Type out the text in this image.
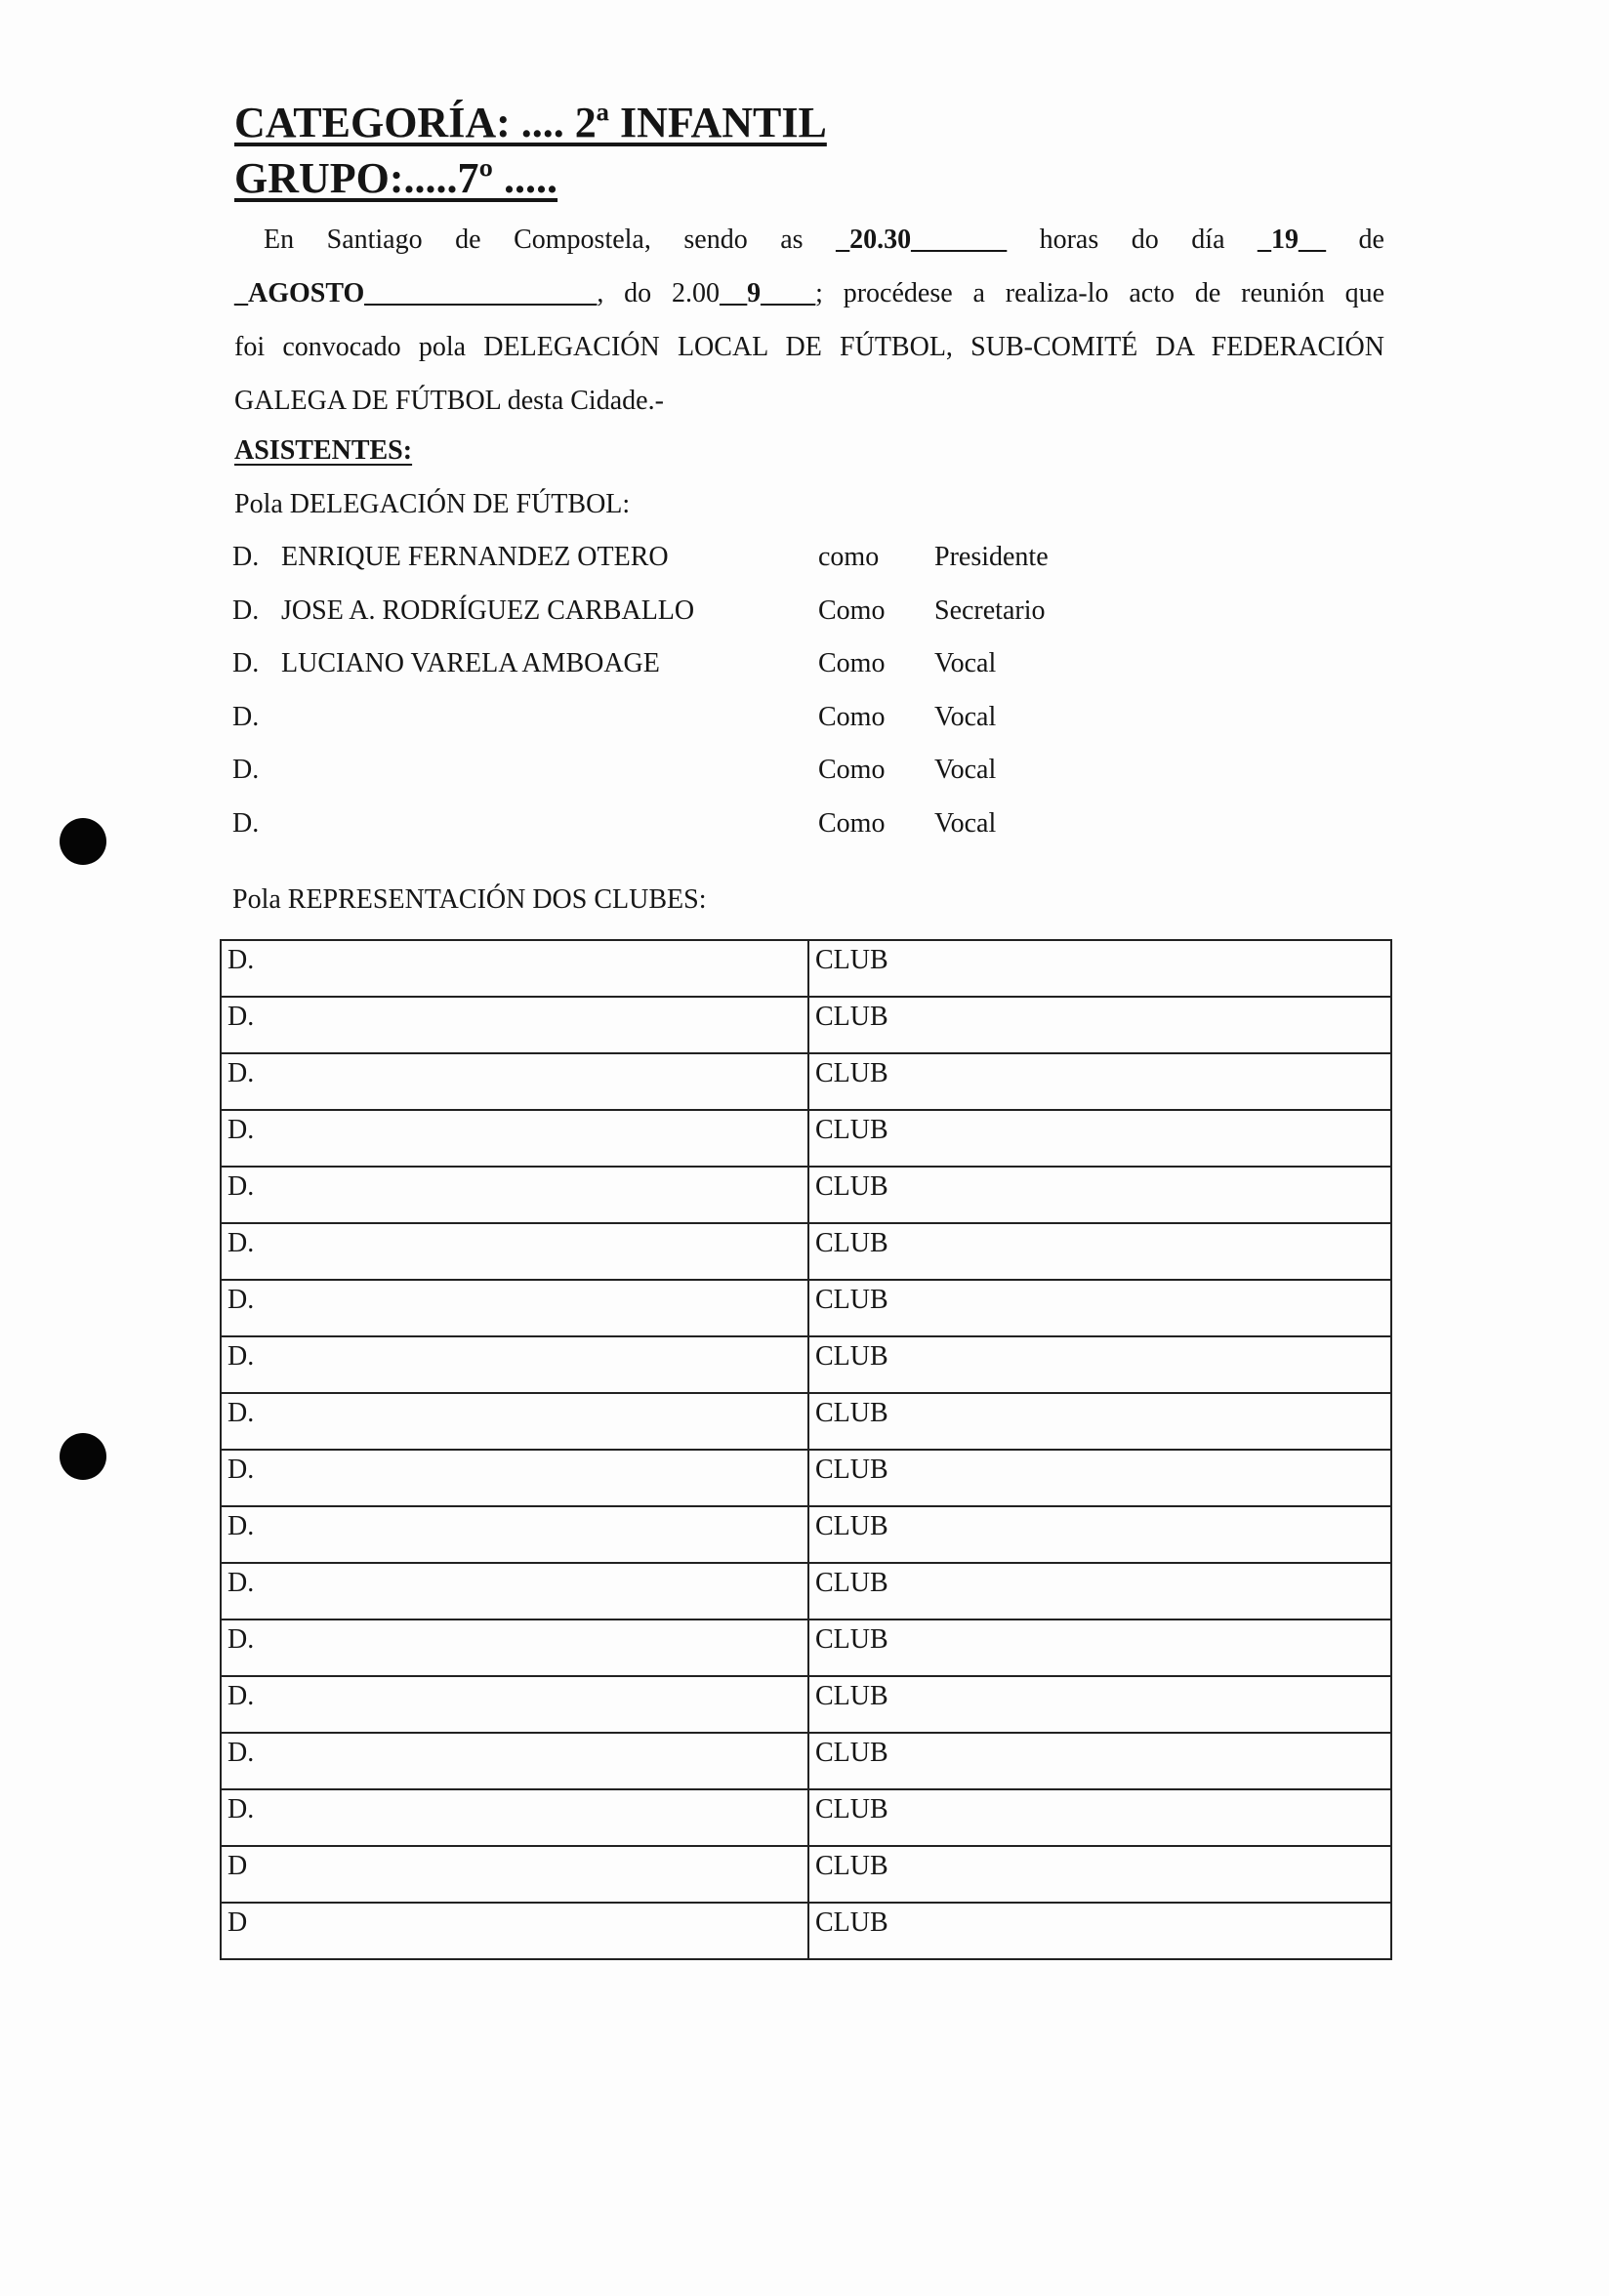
CATEGORÍA: .... 2ª INFANTIL
GRUPO:.....7º .....
En Santiago de Compostela, sendo as _20.30_______ horas do día _19__ de
_AGOSTO_________________, do 2.00__9____; procédese a realiza-lo acto de reunión que
foi convocado pola DELEGACIÓN LOCAL DE FÚTBOL, SUB-COMITÉ DA FEDERACIÓN
GALEGA DE FÚTBOL desta Cidade.-
ASISTENTES:
Pola DELEGACIÓN DE FÚTBOL:
D. ENRIQUE FERNANDEZ OTERO	como Presidente
D. JOSE A. RODRÍGUEZ CARBALLO	Como Secretario
D. LUCIANO VARELA AMBOAGE	Como Vocal
D.	Como Vocal
D.	Como Vocal
D.	Como Vocal
Pola REPRESENTACIÓN DOS CLUBES:
D.	CLUB
D.	CLUB
D.	CLUB
D.	CLUB
D.	CLUB
D.	CLUB
D.	CLUB
D.	CLUB
D.	CLUB
D.	CLUB
D.	CLUB
D.	CLUB
D.	CLUB
D.	CLUB
D.	CLUB
D.	CLUB
D	CLUB
D	CLUB
